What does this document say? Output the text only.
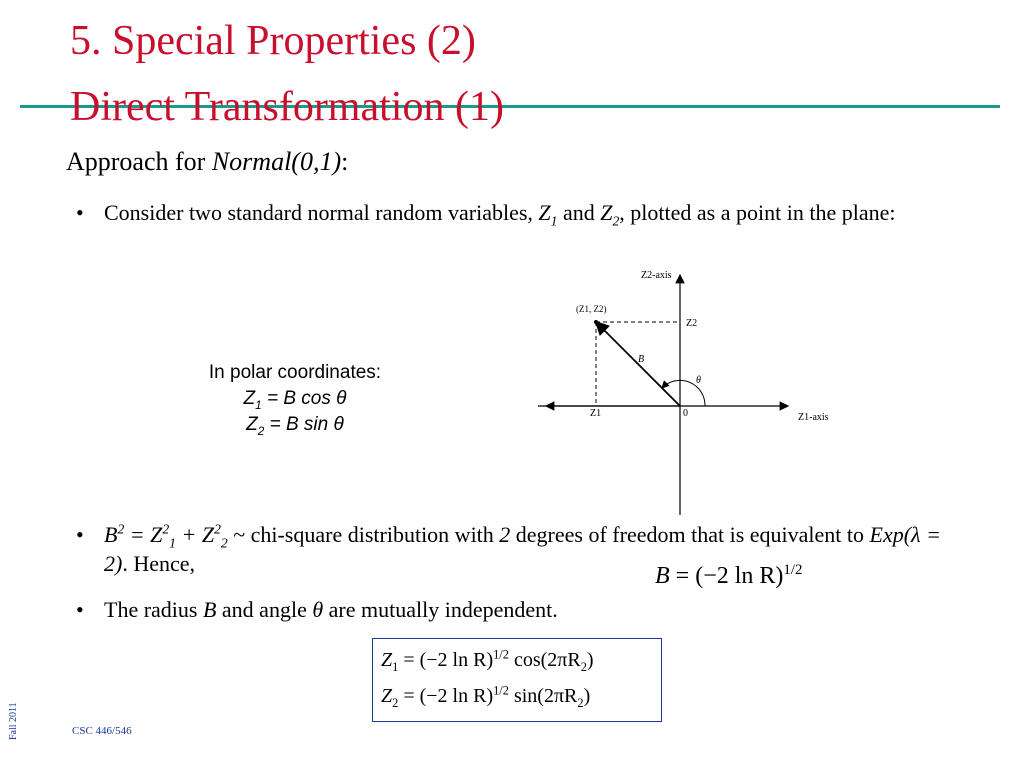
5. Special Properties (2)
Direct Transformation (1)
Approach for Normal(0,1):
• Consider two standard normal random variables, $Z_1$ and $Z_2$, plotted as a point in the plane:
In polar coordinates:
$Z_1 = B$ cos θ
$Z_2 = B$ sin θ
Z2-axis
Z1-axis
(Z1, Z2)
Z2
Z1	0
B
θ
• $B^2 = Z^2_1 + Z^2_2$ ~ chi-square distribution with 2 degrees of freedom that is equivalent to Exp(λ = 2). Hence,	B = (−2 ln R)$^{1/2}$
• The radius B and angle θ are mutually independent.
$Z_1 = (-2$ ln R)$^{1/2}$ $\cos(2\pi R_2)$
$Z_2 = (-2$ ln R)$^{1/2}$ $\sin(2\pi R_2)$
CSC 446/546
Fall 2011
